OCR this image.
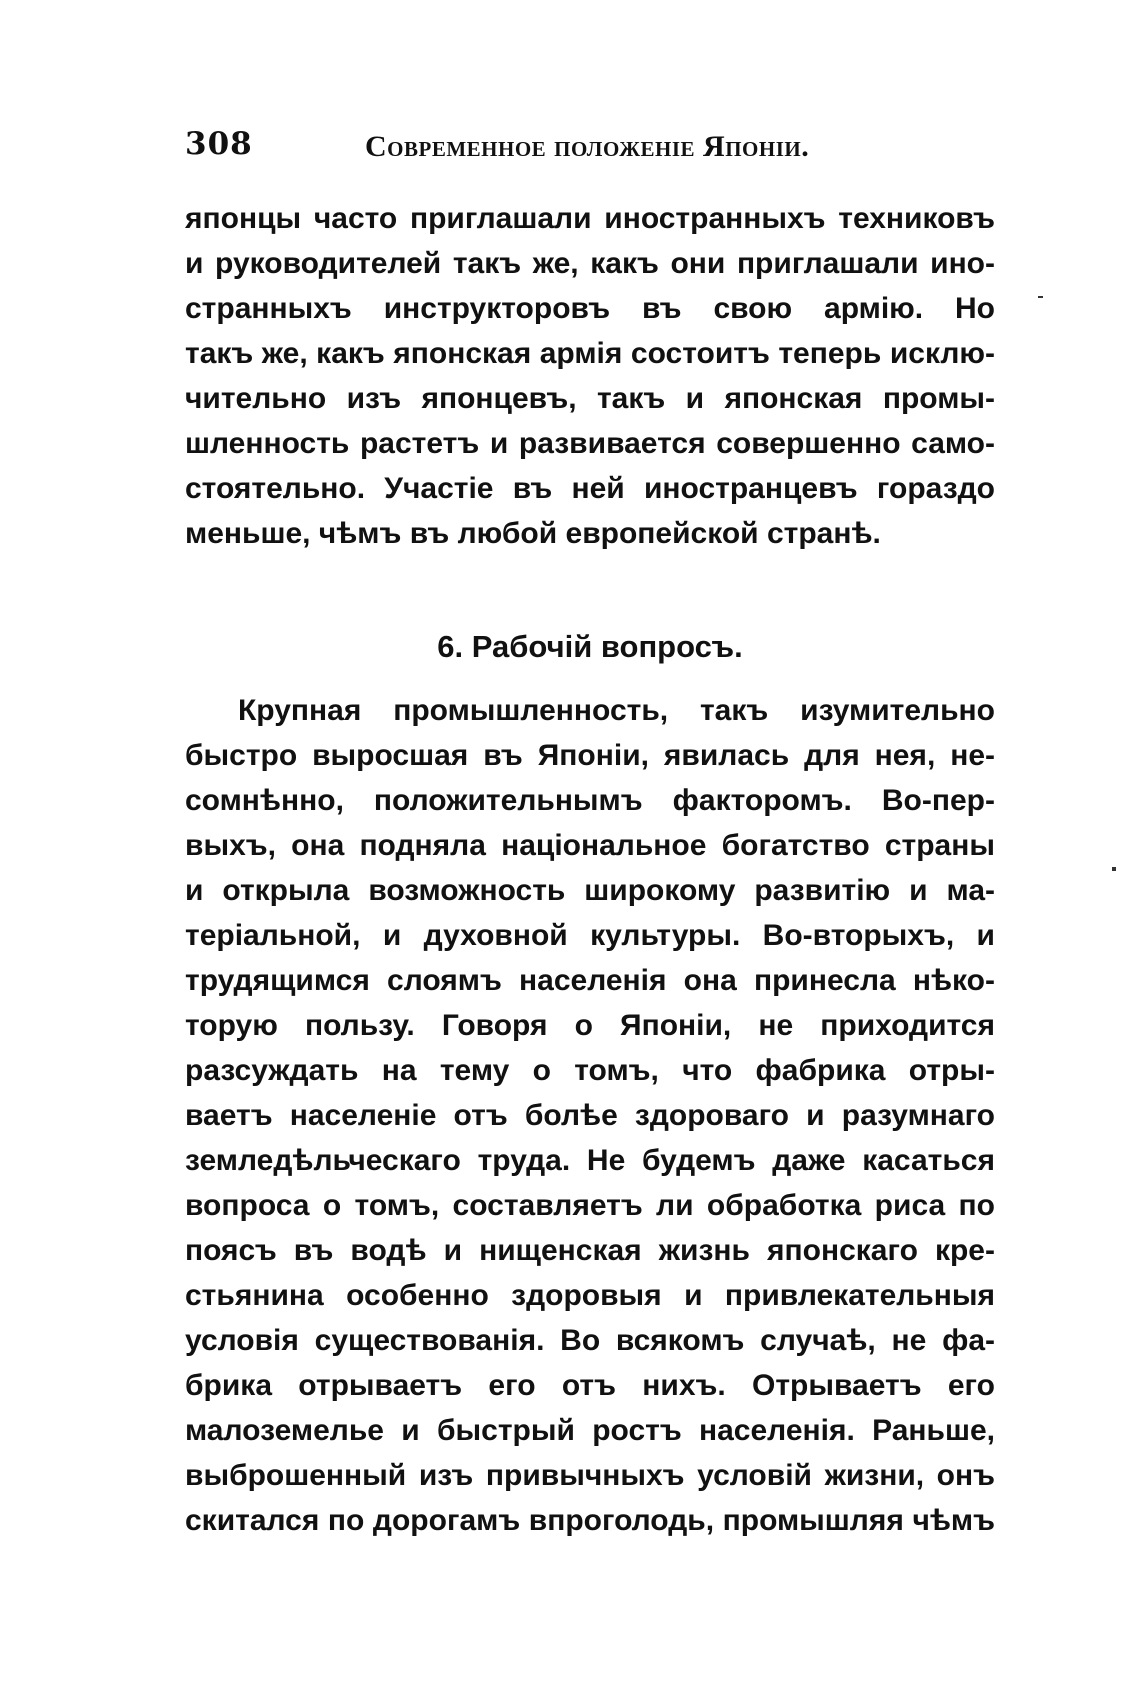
308	Современное положеніе Японіи.
японцы часто приглашали иностранныхъ техниковъ
и руководителей такъ же, какъ они приглашали ино-
странныхъ инструкторовъ въ свою армію. Но
такъ же, какъ японская армія состоитъ теперь исклю-
чительно изъ японцевъ, такъ и японская промы-
шленность растетъ и развивается совершенно само-
стоятельно. Участіе въ ней иностранцевъ гораздо
меньше, чѣмъ въ любой европейской странѣ.
6. Рабочій вопросъ.
Крупная промышленность, такъ изумительно
быстро выросшая въ Японіи, явилась для нея, не-
сомнѣнно, положительнымъ факторомъ. Во-пер-
выхъ, она подняла національное богатство страны
и открыла возможность широкому развитію и ма-
теріальной, и духовной культуры. Во-вторыхъ, и
трудящимся слоямъ населенія она принесла нѣко-
торую пользу. Говоря о Японіи, не приходится
разсуждать на тему о томъ, что фабрика отры-
ваетъ населеніе отъ болѣе здороваго и разумнаго
земледѣльческаго труда. Не будемъ даже касаться
вопроса о томъ, составляетъ ли обработка риса по
поясъ въ водѣ и нищенская жизнь японскаго кре-
стьянина особенно здоровыя и привлекательныя
условія существованія. Во всякомъ случаѣ, не фа-
брика отрываетъ его отъ нихъ. Отрываетъ его
малоземелье и быстрый ростъ населенія. Раньше,
выброшенный изъ привычныхъ условій жизни, онъ
скитался по дорогамъ впроголодь, промышляя чѣмъ
